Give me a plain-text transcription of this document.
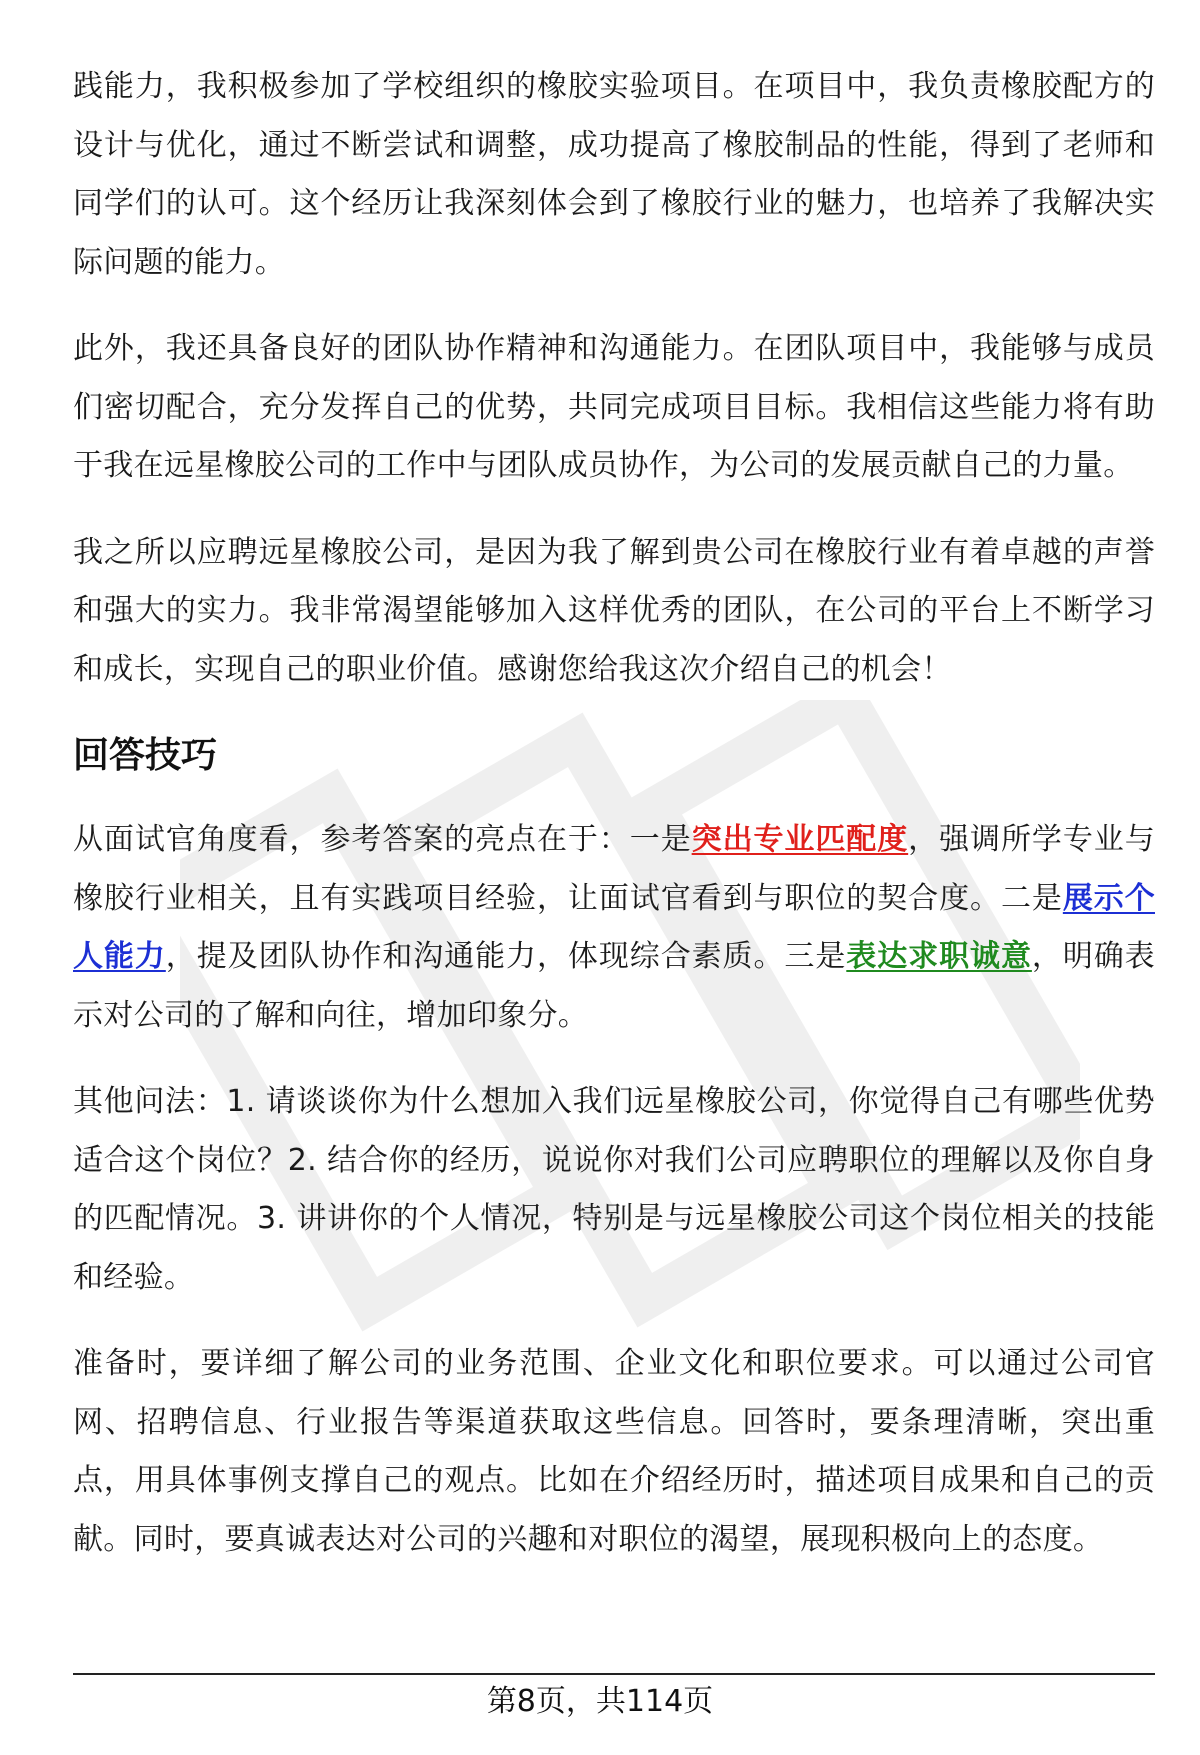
践能力，我积极参加了学校组织的橡胶实验项目。在项目中，我负责橡胶配方的设计与优化，通过不断尝试和调整，成功提高了橡胶制品的性能，得到了老师和同学们的认可。这个经历让我深刻体会到了橡胶行业的魅力，也培养了我解决实际问题的能力。

此外，我还具备良好的团队协作精神和沟通能力。在团队项目中，我能够与成员们密切配合，充分发挥自己的优势，共同完成项目目标。我相信这些能力将有助于我在远星橡胶公司的工作中与团队成员协作，为公司的发展贡献自己的力量。

我之所以应聘远星橡胶公司，是因为我了解到贵公司在橡胶行业有着卓越的声誉和强大的实力。我非常渴望能够加入这样优秀的团队，在公司的平台上不断学习和成长，实现自己的职业价值。感谢您给我这次介绍自己的机会！

回答技巧

从面试官角度看，参考答案的亮点在于：一是突出专业匹配度，强调所学专业与橡胶行业相关，且有实践项目经验，让面试官看到与职位的契合度。二是展示个人能力，提及团队协作和沟通能力，体现综合素质。三是表达求职诚意，明确表示对公司的了解和向往，增加印象分。

其他问法：1. 请谈谈你为什么想加入我们远星橡胶公司，你觉得自己有哪些优势适合这个岗位？2. 结合你的经历，说说你对我们公司应聘职位的理解以及你自身的匹配情况。3. 讲讲你的个人情况，特别是与远星橡胶公司这个岗位相关的技能和经验。

准备时，要详细了解公司的业务范围、企业文化和职位要求。可以通过公司官网、招聘信息、行业报告等渠道获取这些信息。回答时，要条理清晰，突出重点，用具体事例支撑自己的观点。比如在介绍经历时，描述项目成果和自己的贡献。同时，要真诚表达对公司的兴趣和对职位的渴望，展现积极向上的态度。

第8页，共114页
